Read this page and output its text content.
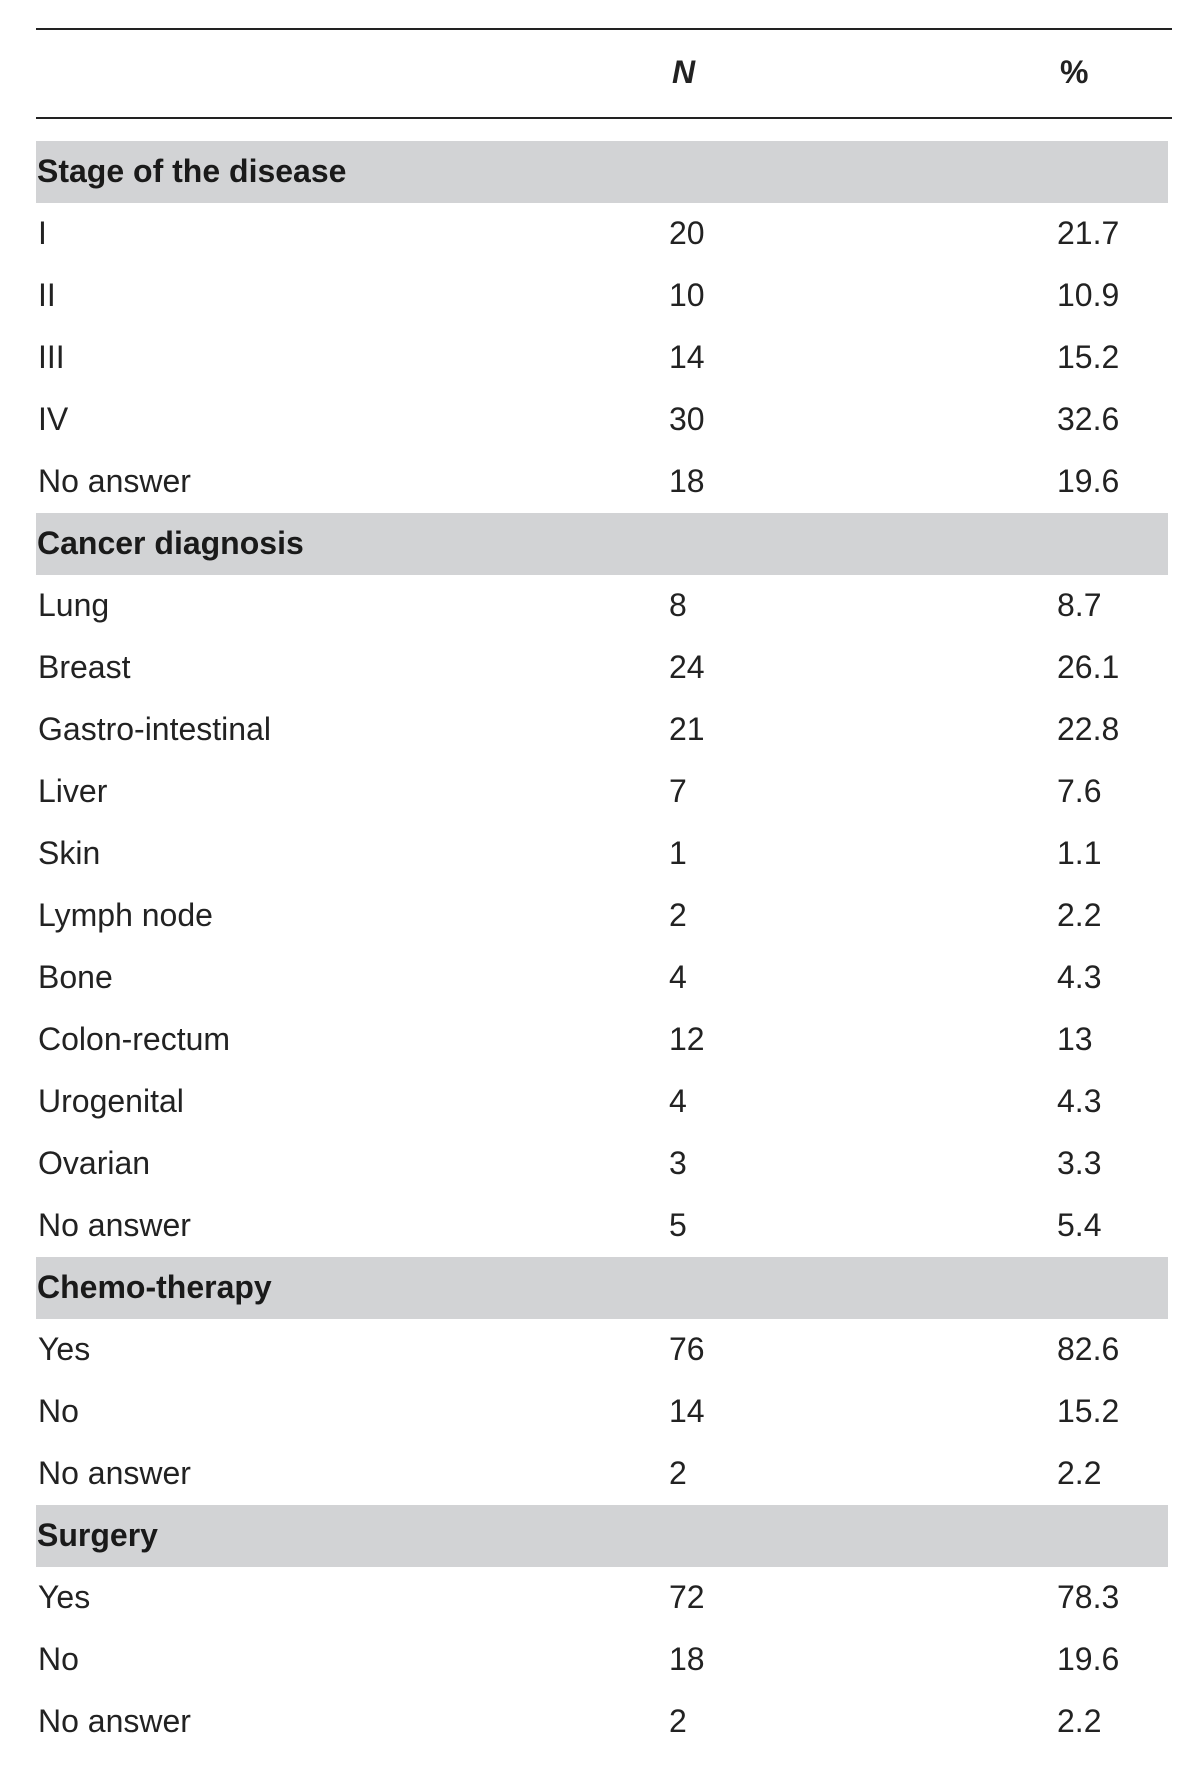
N	%
Stage of the disease
I	20	21.7
II	10	10.9
III	14	15.2
IV	30	32.6
No answer	18	19.6
Cancer diagnosis
Lung	8	8.7
Breast	24	26.1
Gastro-intestinal	21	22.8
Liver	7	7.6
Skin	1	1.1
Lymph node	2	2.2
Bone	4	4.3
Colon-rectum	12	13
Urogenital	4	4.3
Ovarian	3	3.3
No answer	5	5.4
Chemo-therapy
Yes	76	82.6
No	14	15.2
No answer	2	2.2
Surgery
Yes	72	78.3
No	18	19.6
No answer	2	2.2
